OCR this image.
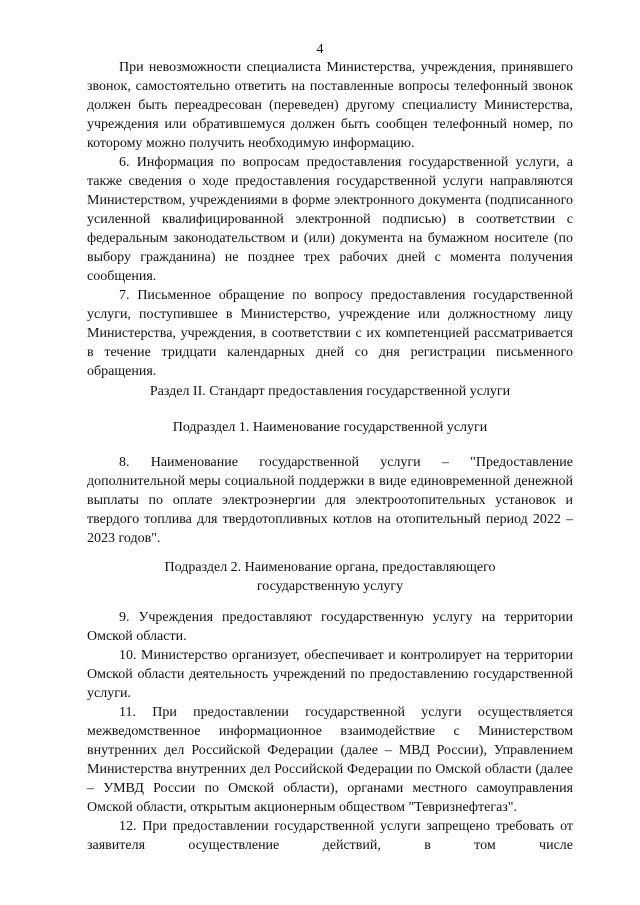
4

При невозможности специалиста Министерства, учреждения, принявшего звонок, самостоятельно ответить на поставленные вопросы телефонный звонок должен быть переадресован (переведен) другому специалисту Министерства, учреждения или обратившемуся должен быть сообщен телефонный номер, по которому можно получить необходимую информацию.

6. Информация по вопросам предоставления государственной услуги, а также сведения о ходе предоставления государственной услуги направляются Министерством, учреждениями в форме электронного документа (подписанного усиленной квалифицированной электронной подписью) в соответствии с федеральным законодательством и (или) документа на бумажном носителе (по выбору гражданина) не позднее трех рабочих дней с момента получения сообщения.

7. Письменное обращение по вопросу предоставления государственной услуги, поступившее в Министерство, учреждение или должностному лицу Министерства, учреждения, в соответствии с их компетенцией рассматривается в течение тридцати календарных дней со дня регистрации письменного обращения.

Раздел II. Стандарт предоставления государственной услуги

Подраздел 1. Наименование государственной услуги

8. Наименование государственной услуги – "Предоставление дополнительной меры социальной поддержки в виде единовременной денежной выплаты по оплате электроэнергии для электроотопительных установок и твердого топлива для твердотопливных котлов на отопительный период 2022 – 2023 годов".

Подраздел 2. Наименование органа, предоставляющего

государственную услугу

9. Учреждения предоставляют государственную услугу на территории Омской области.

10. Министерство организует, обеспечивает и контролирует на территории Омской области деятельность учреждений по предоставлению государственной услуги.

11. При предоставлении государственной услуги осуществляется межведомственное информационное взаимодействие с Министерством внутренних дел Российской Федерации (далее – МВД России), Управлением Министерства внутренних дел Российской Федерации по Омской области (далее – УМВД России по Омской области), органами местного самоуправления Омской области, открытым акционерным обществом "Тевризнефтегаз".

12. При предоставлении государственной услуги запрещено требовать от заявителя осуществление действий, в том числе
